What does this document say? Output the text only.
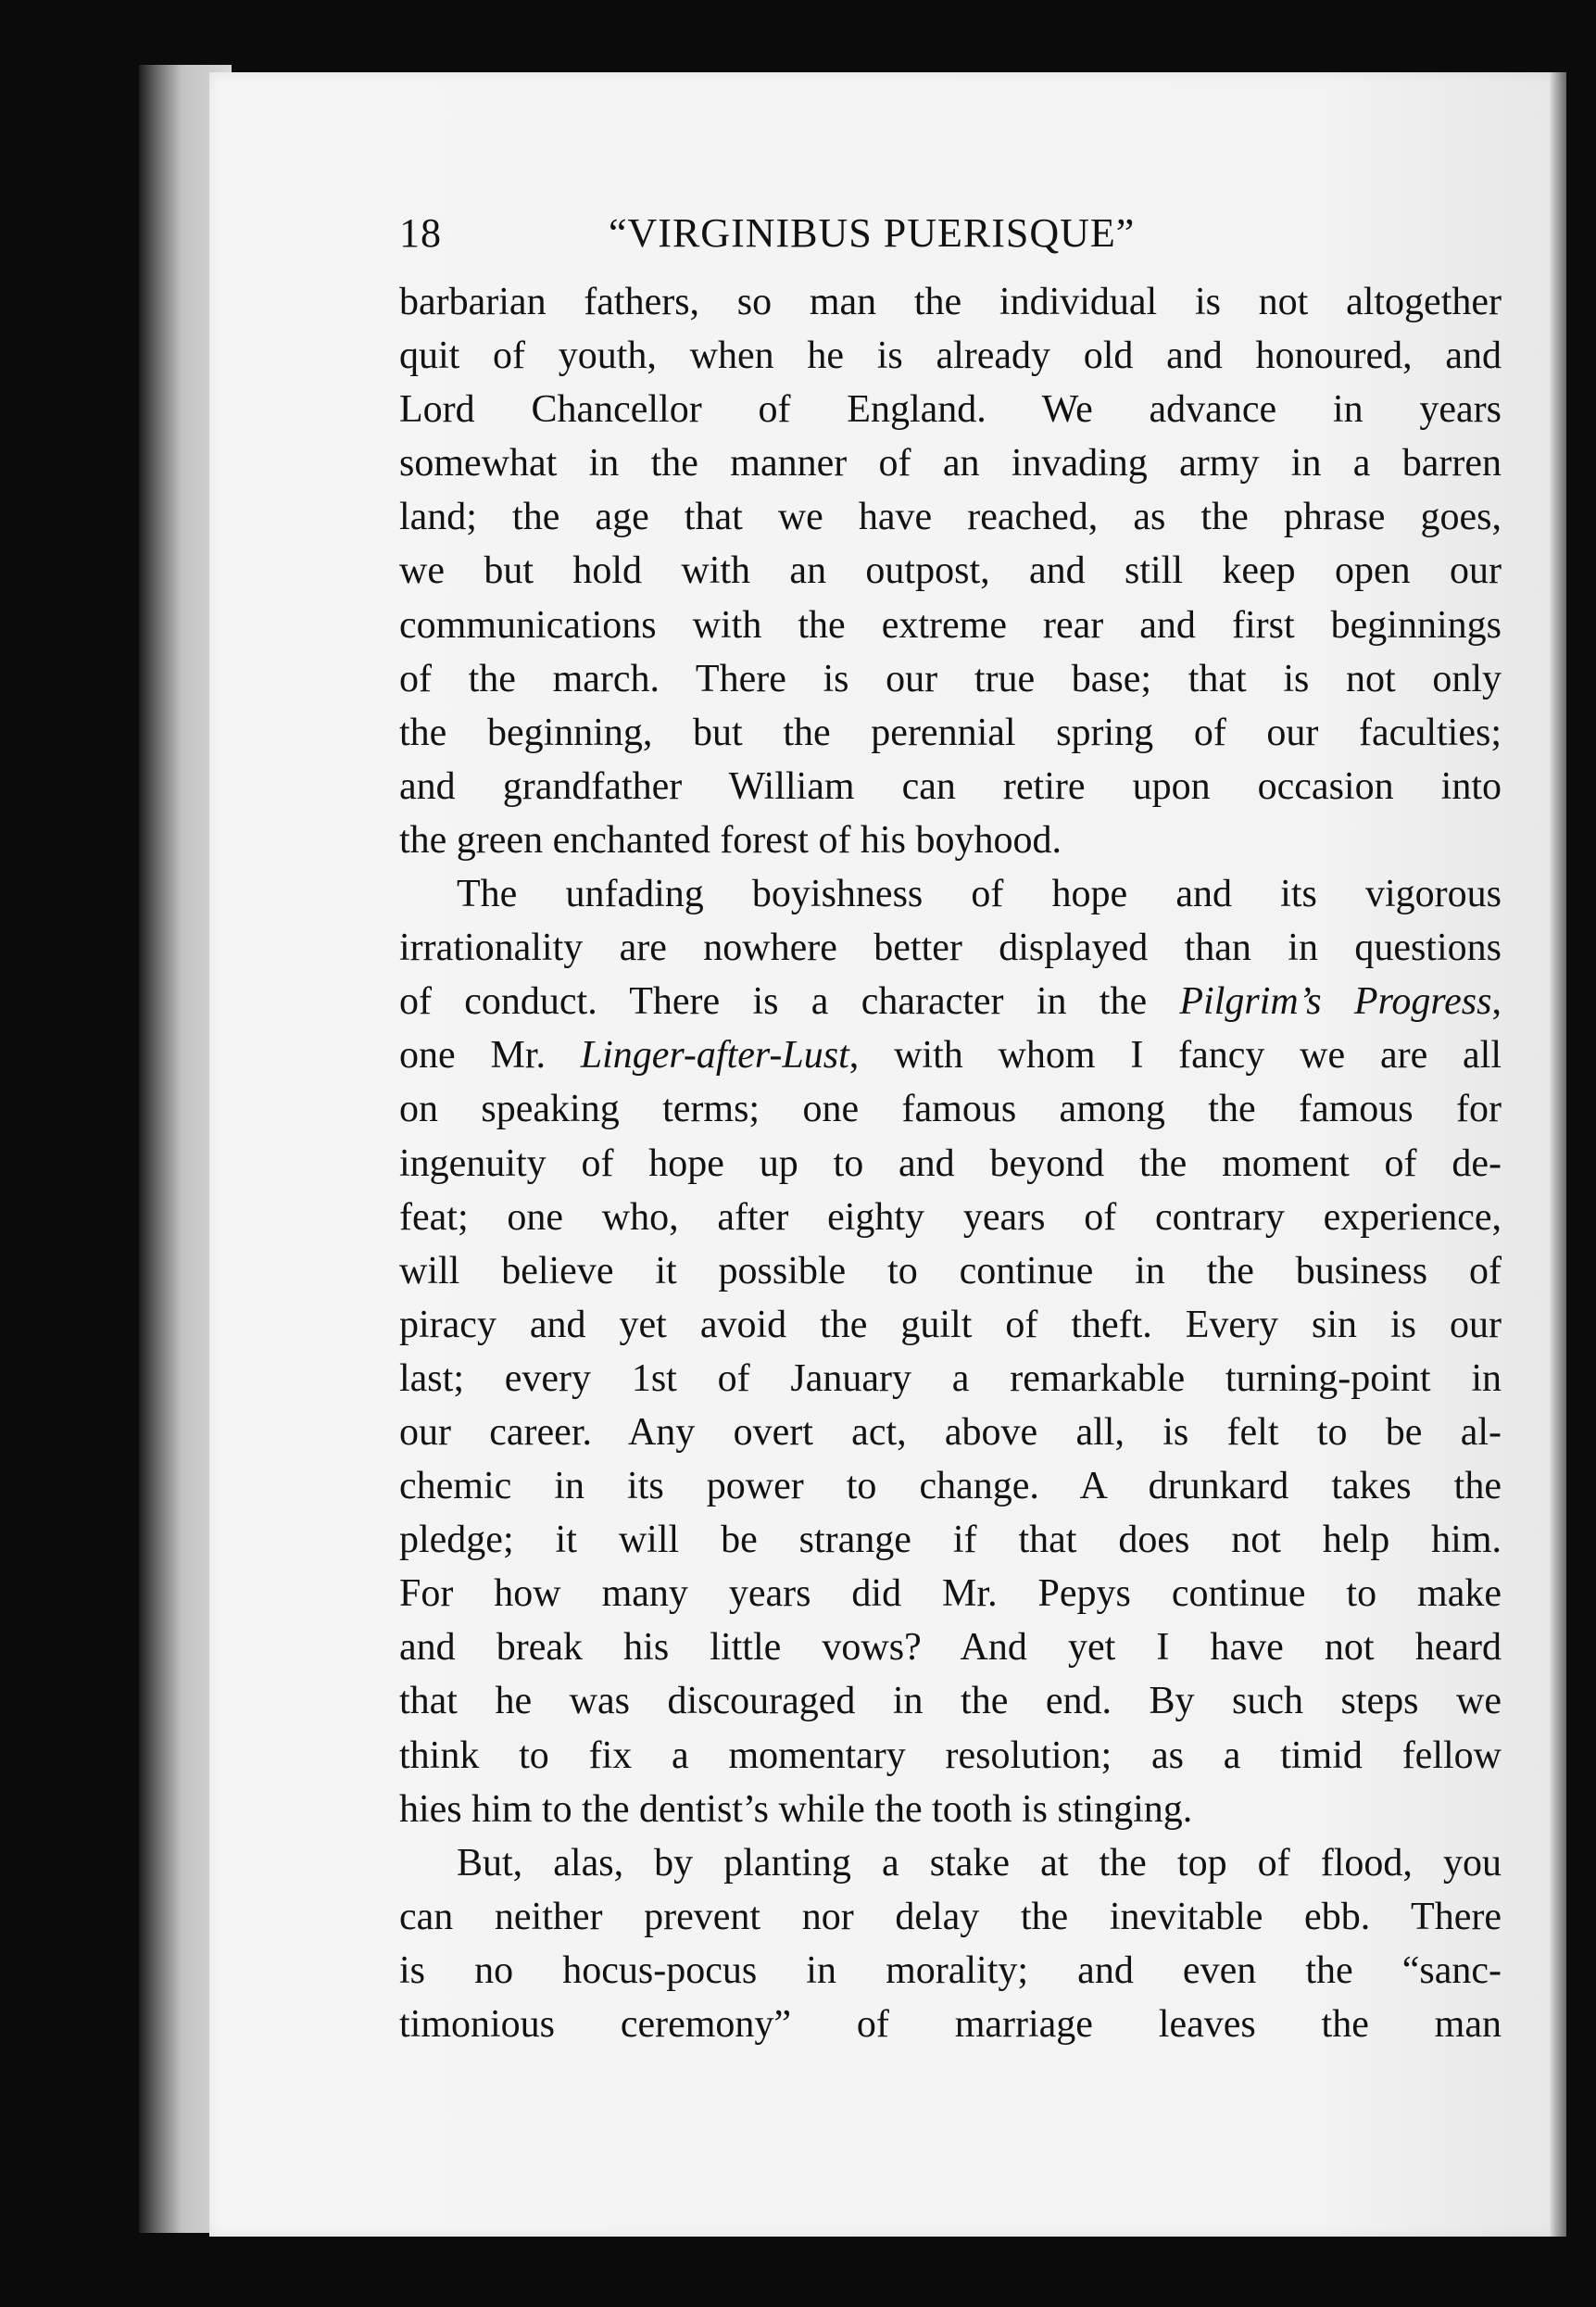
18	“VIRGINIBUS PUERISQUE”

barbarian fathers, so man the individual is not altogether
quit of youth, when he is already old and honoured, and
Lord Chancellor of England. We advance in years
somewhat in the manner of an invading army in a barren
land; the age that we have reached, as the phrase goes,
we but hold with an outpost, and still keep open our
communications with the extreme rear and first beginnings
of the march. There is our true base; that is not only
the beginning, but the perennial spring of our faculties;
and grandfather William can retire upon occasion into
the green enchanted forest of his boyhood.

The unfading boyishness of hope and its vigorous
irrationality are nowhere better displayed than in questions
of conduct. There is a character in the Pilgrim’s Progress,
one Mr. Linger-after-Lust, with whom I fancy we are all
on speaking terms; one famous among the famous for
ingenuity of hope up to and beyond the moment of de-
feat; one who, after eighty years of contrary experience,
will believe it possible to continue in the business of
piracy and yet avoid the guilt of theft. Every sin is our
last; every 1st of January a remarkable turning-point in
our career. Any overt act, above all, is felt to be al-
chemic in its power to change. A drunkard takes the
pledge; it will be strange if that does not help him.
For how many years did Mr. Pepys continue to make
and break his little vows? And yet I have not heard
that he was discouraged in the end. By such steps we
think to fix a momentary resolution; as a timid fellow
hies him to the dentist’s while the tooth is stinging.

But, alas, by planting a stake at the top of flood, you
can neither prevent nor delay the inevitable ebb. There
is no hocus-pocus in morality; and even the “sanc-
timonious ceremony” of marriage leaves the man
